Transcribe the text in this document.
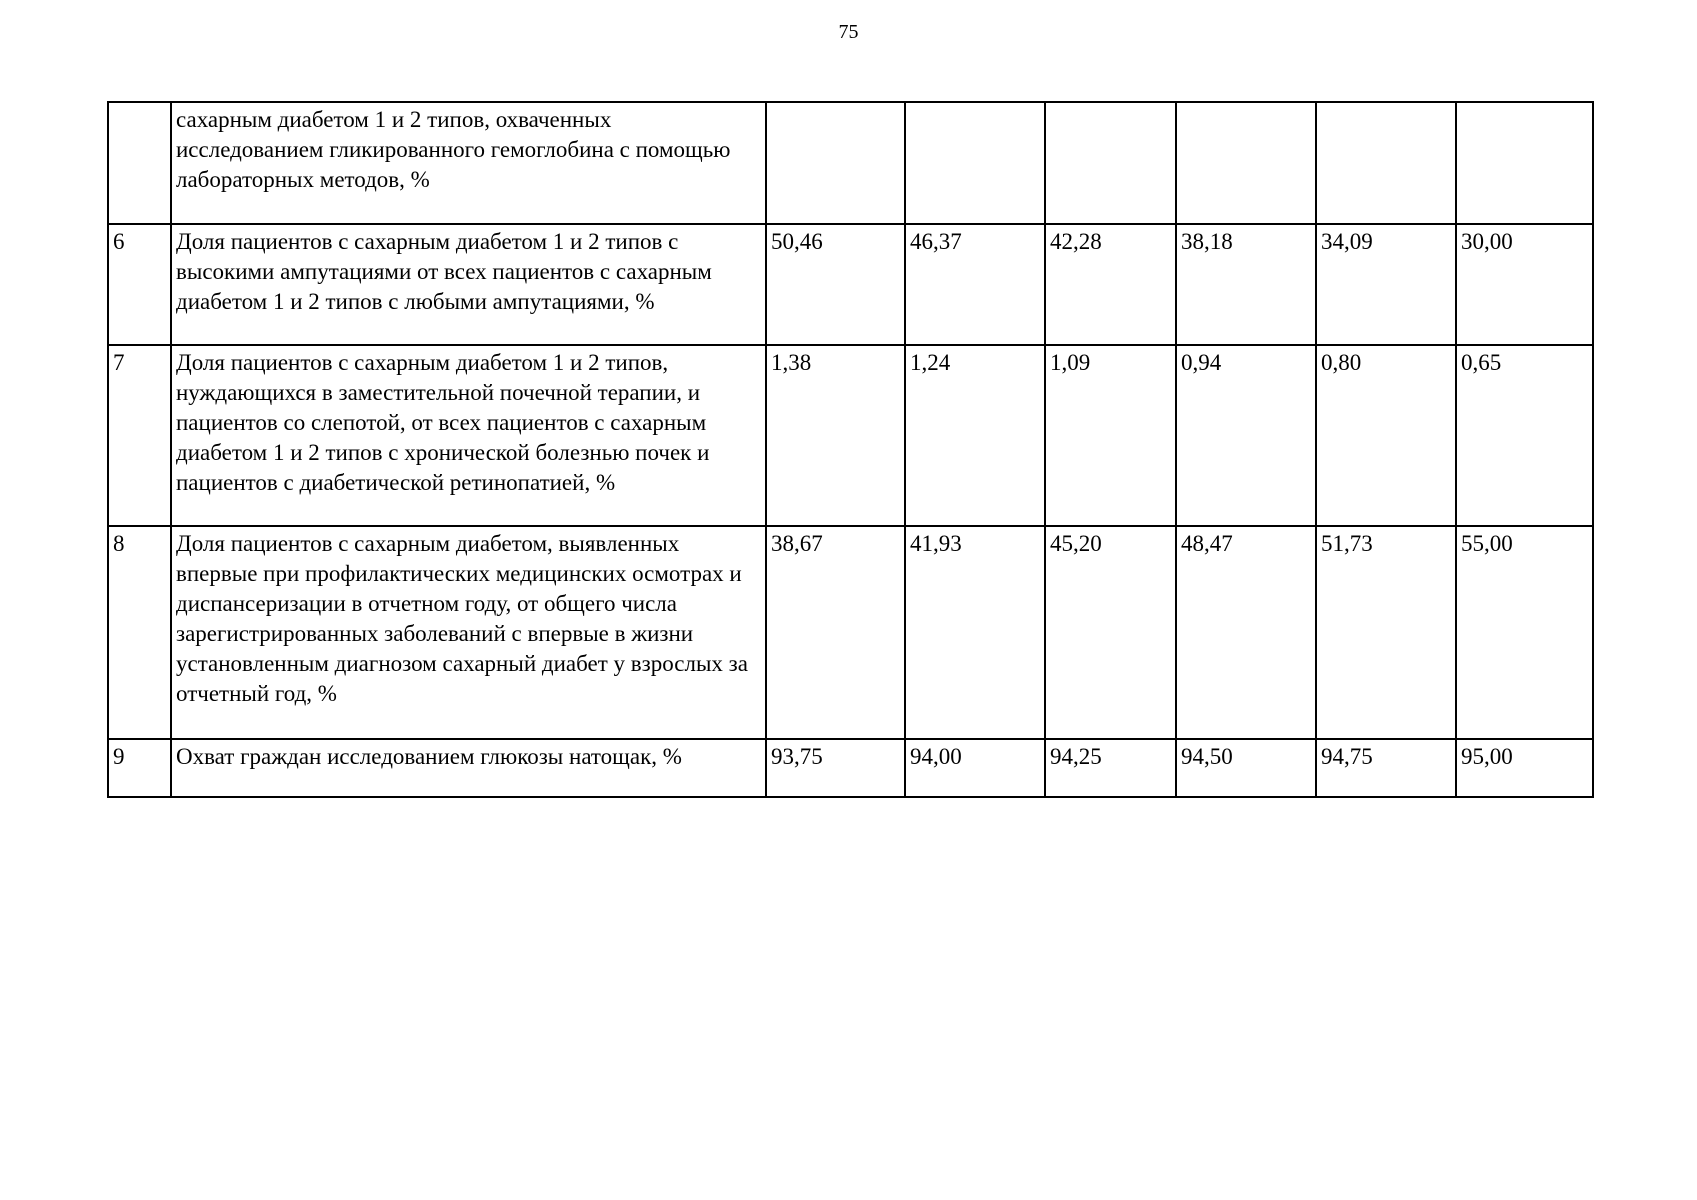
75
	сахарным диабетом 1 и 2 типов, охваченных исследованием гликированного гемоглобина с помощью лабораторных методов, %						
6	Доля пациентов с сахарным диабетом 1 и 2 типов с высокими ампутациями от всех пациентов с сахарным диабетом 1 и 2 типов с любыми ампутациями, %	50,46	46,37	42,28	38,18	34,09	30,00
7	Доля пациентов с сахарным диабетом 1 и 2 типов, нуждающихся в заместительной почечной терапии, и пациентов со слепотой, от всех пациентов с сахарным диабетом 1 и 2 типов с хронической болезнью почек и пациентов с диабетической ретинопатией, %	1,38	1,24	1,09	0,94	0,80	0,65
8	Доля пациентов с сахарным диабетом, выявленных впервые при профилактических медицинских осмотрах и диспансеризации в отчетном году, от общего числа зарегистрированных заболеваний с впервые в жизни установленным диагнозом сахарный диабет у взрослых за отчетный год, %	38,67	41,93	45,20	48,47	51,73	55,00
9	Охват граждан исследованием глюкозы натощак, %	93,75	94,00	94,25	94,50	94,75	95,00
